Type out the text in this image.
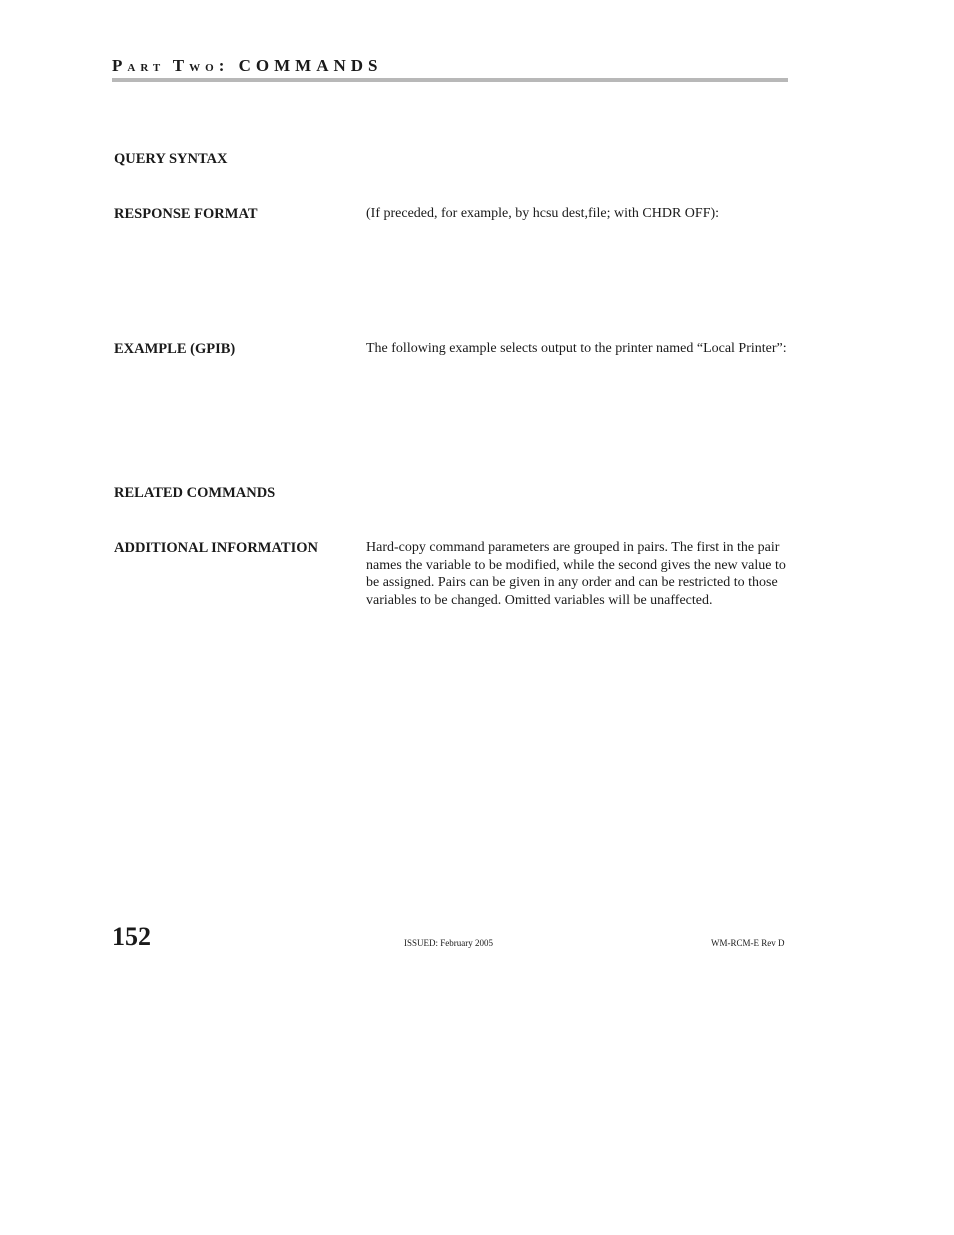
PART TWO: COMMANDS
QUERY SYNTAX
RESPONSE FORMAT	(If preceded, for example, by hcsu dest,file; with CHDR OFF):
EXAMPLE (GPIB)	The following example selects output to the printer named “Local Printer”:
RELATED COMMANDS
ADDITIONAL INFORMATION	Hard-copy command parameters are grouped in pairs. The first in the pair names the variable to be modified, while the second gives the new value to be assigned. Pairs can be given in any order and can be restricted to those variables to be changed. Omitted variables will be unaffected.
152	ISSUED: February 2005	WM-RCM-E Rev D
